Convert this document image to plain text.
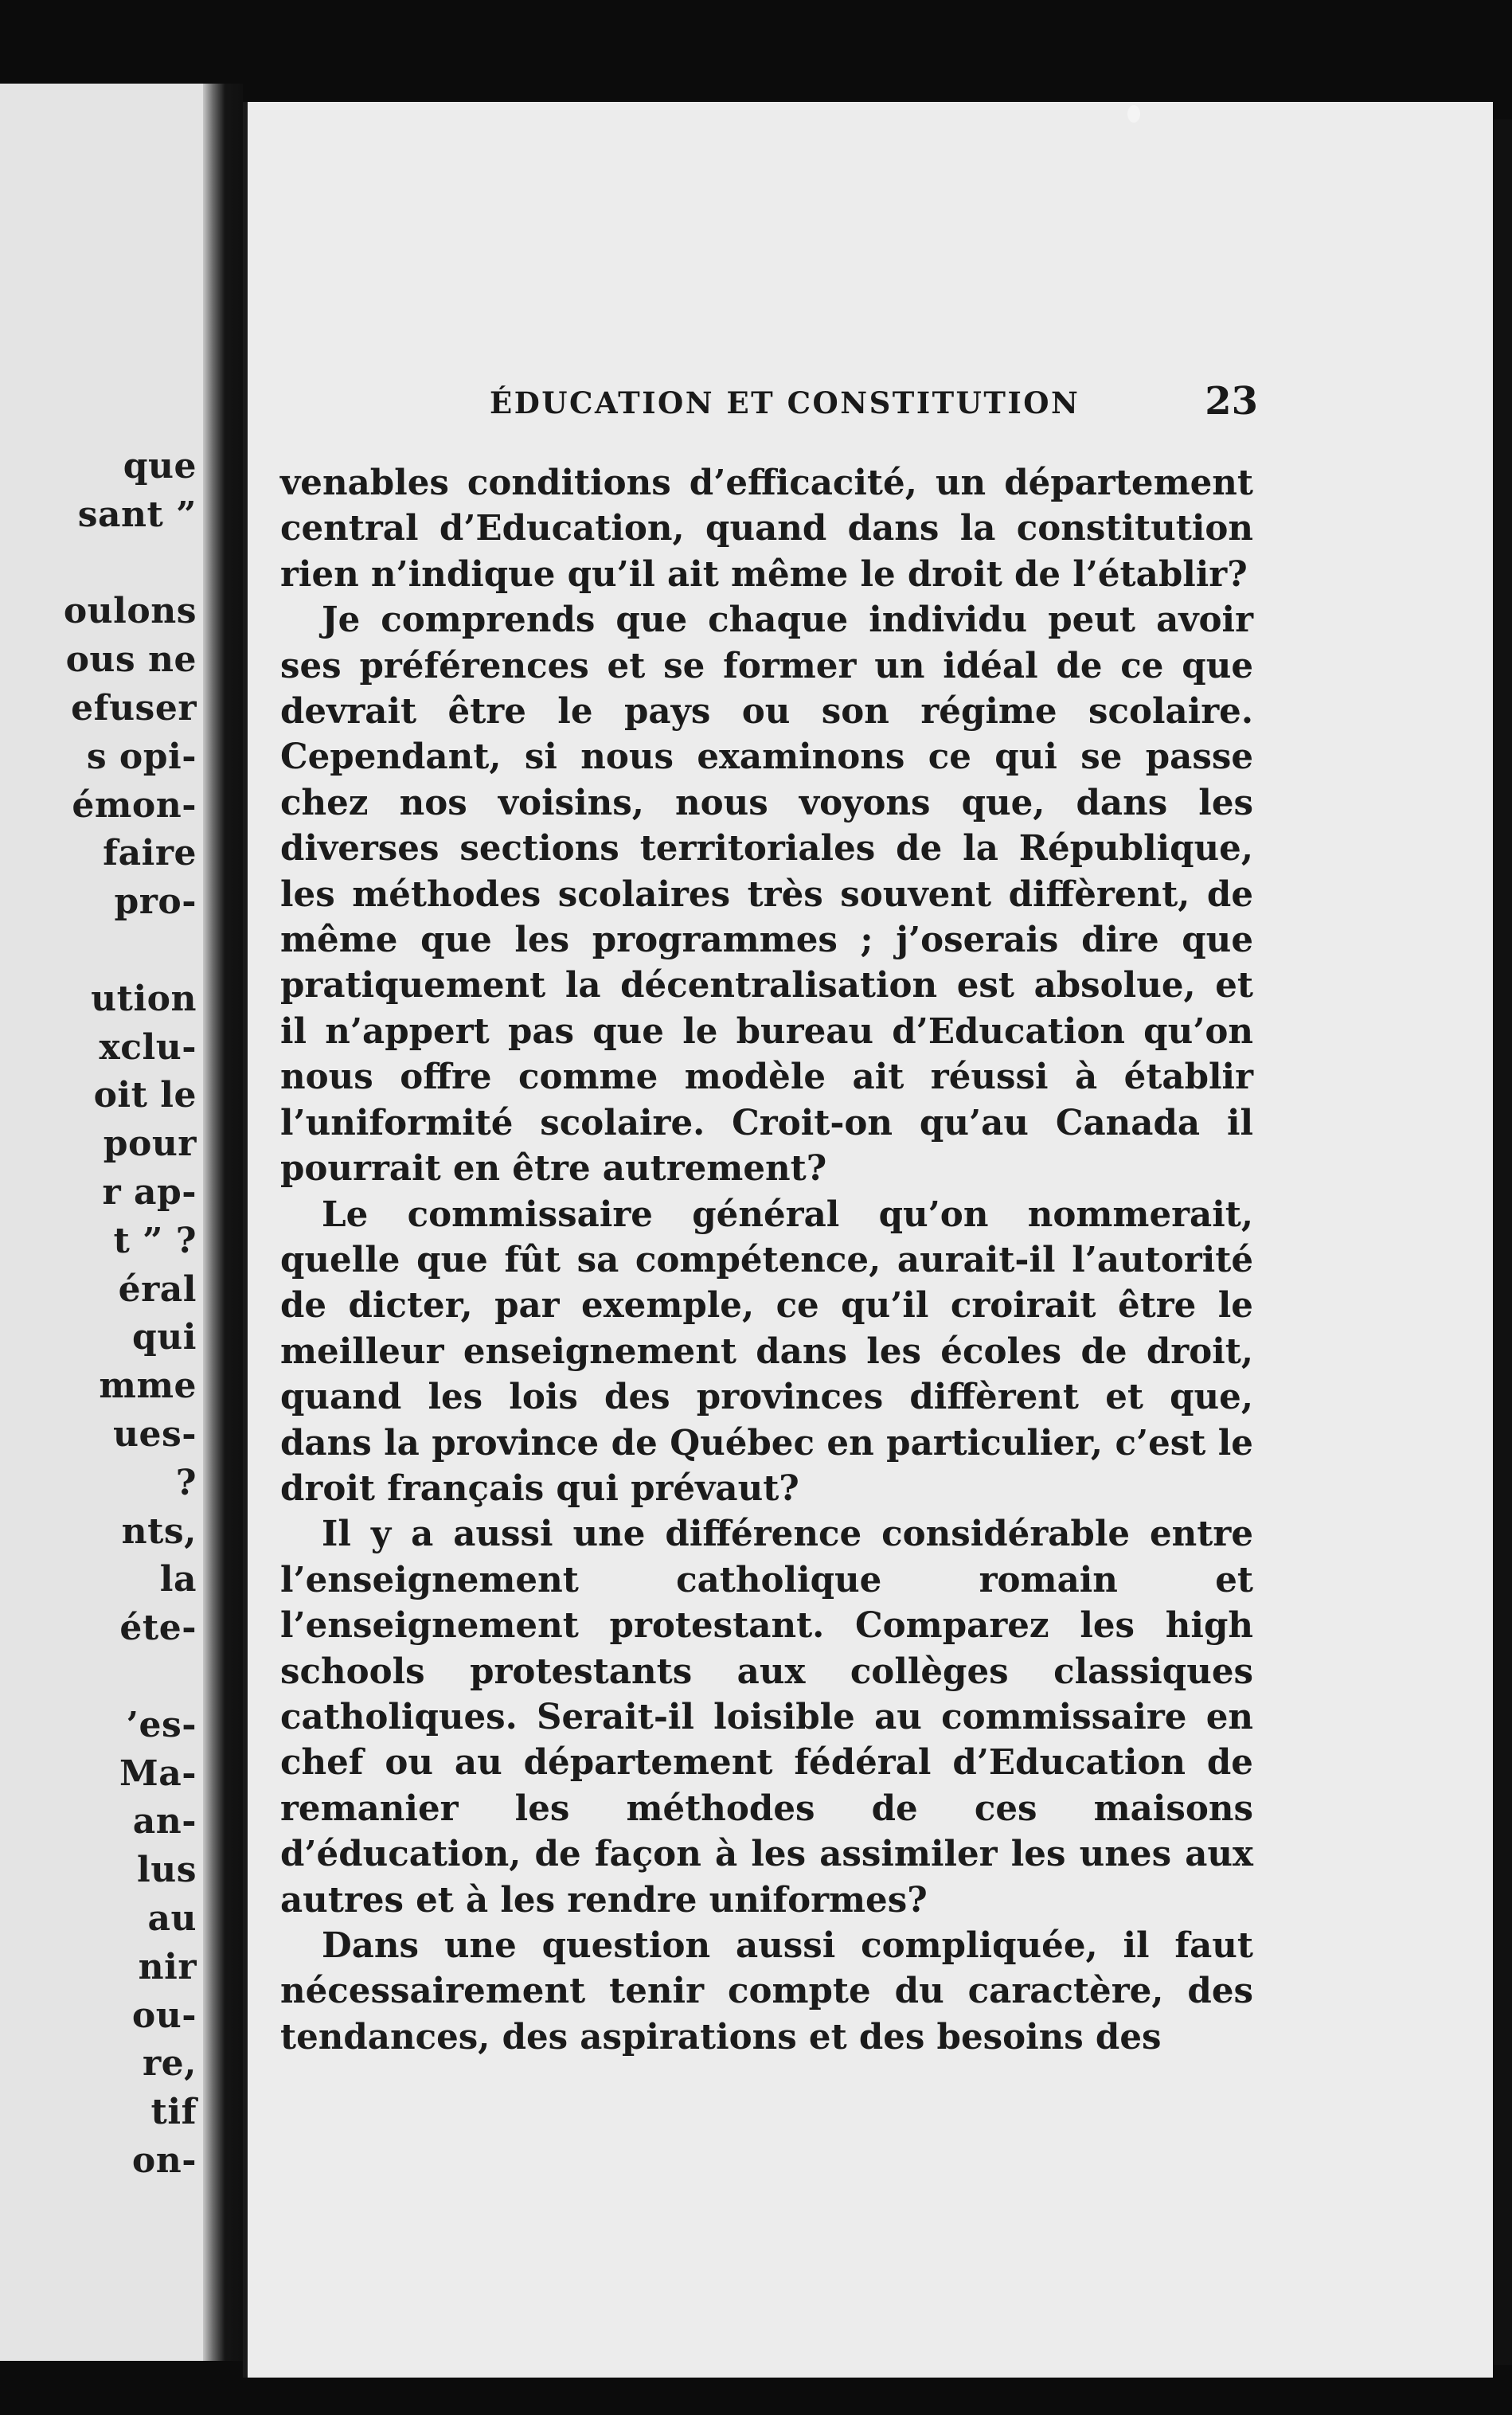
que
sant ”
oulons
ous ne
efuser
s opi-
émon-
faire
pro-
ution
xclu-
oit le
pour
r ap-
t ” ?
éral
qui
mme
ues-
?
nts,
la
éte-
’es-
Ma-
an-
lus
au
nir
ou-
re,
tif
on-
ÉDUCATION ET CONSTITUTION	23

venables conditions d’efficacité, un département central d’Education, quand dans la constitution rien n’indique qu’il ait même le droit de l’établir?

Je comprends que chaque individu peut avoir ses préférences et se former un idéal de ce que devrait être le pays ou son régime scolaire. Cependant, si nous examinons ce qui se passe chez nos voisins, nous voyons que, dans les diverses sections territoriales de la République, les méthodes scolaires très souvent diffèrent, de même que les programmes ; j’oserais dire que pratiquement la décentralisation est absolue, et il n’appert pas que le bureau d’Education qu’on nous offre comme modèle ait réussi à établir l’uniformité scolaire. Croit-on qu’au Canada il pourrait en être autrement?

Le commissaire général qu’on nommerait, quelle que fût sa compétence, aurait-il l’autorité de dicter, par exemple, ce qu’il croirait être le meilleur enseignement dans les écoles de droit, quand les lois des provinces diffèrent et que, dans la province de Québec en particulier, c’est le droit français qui prévaut?

Il y a aussi une différence considérable entre l’enseignement catholique romain et l’enseignement protestant. Comparez les high schools protestants aux collèges classiques catholiques. Serait-il loisible au commissaire en chef ou au département fédéral d’Education de remanier les méthodes de ces maisons d’éducation, de façon à les assimiler les unes aux autres et à les rendre uniformes?

Dans une question aussi compliquée, il faut nécessairement tenir compte du caractère, des tendances, des aspirations et des besoins des
